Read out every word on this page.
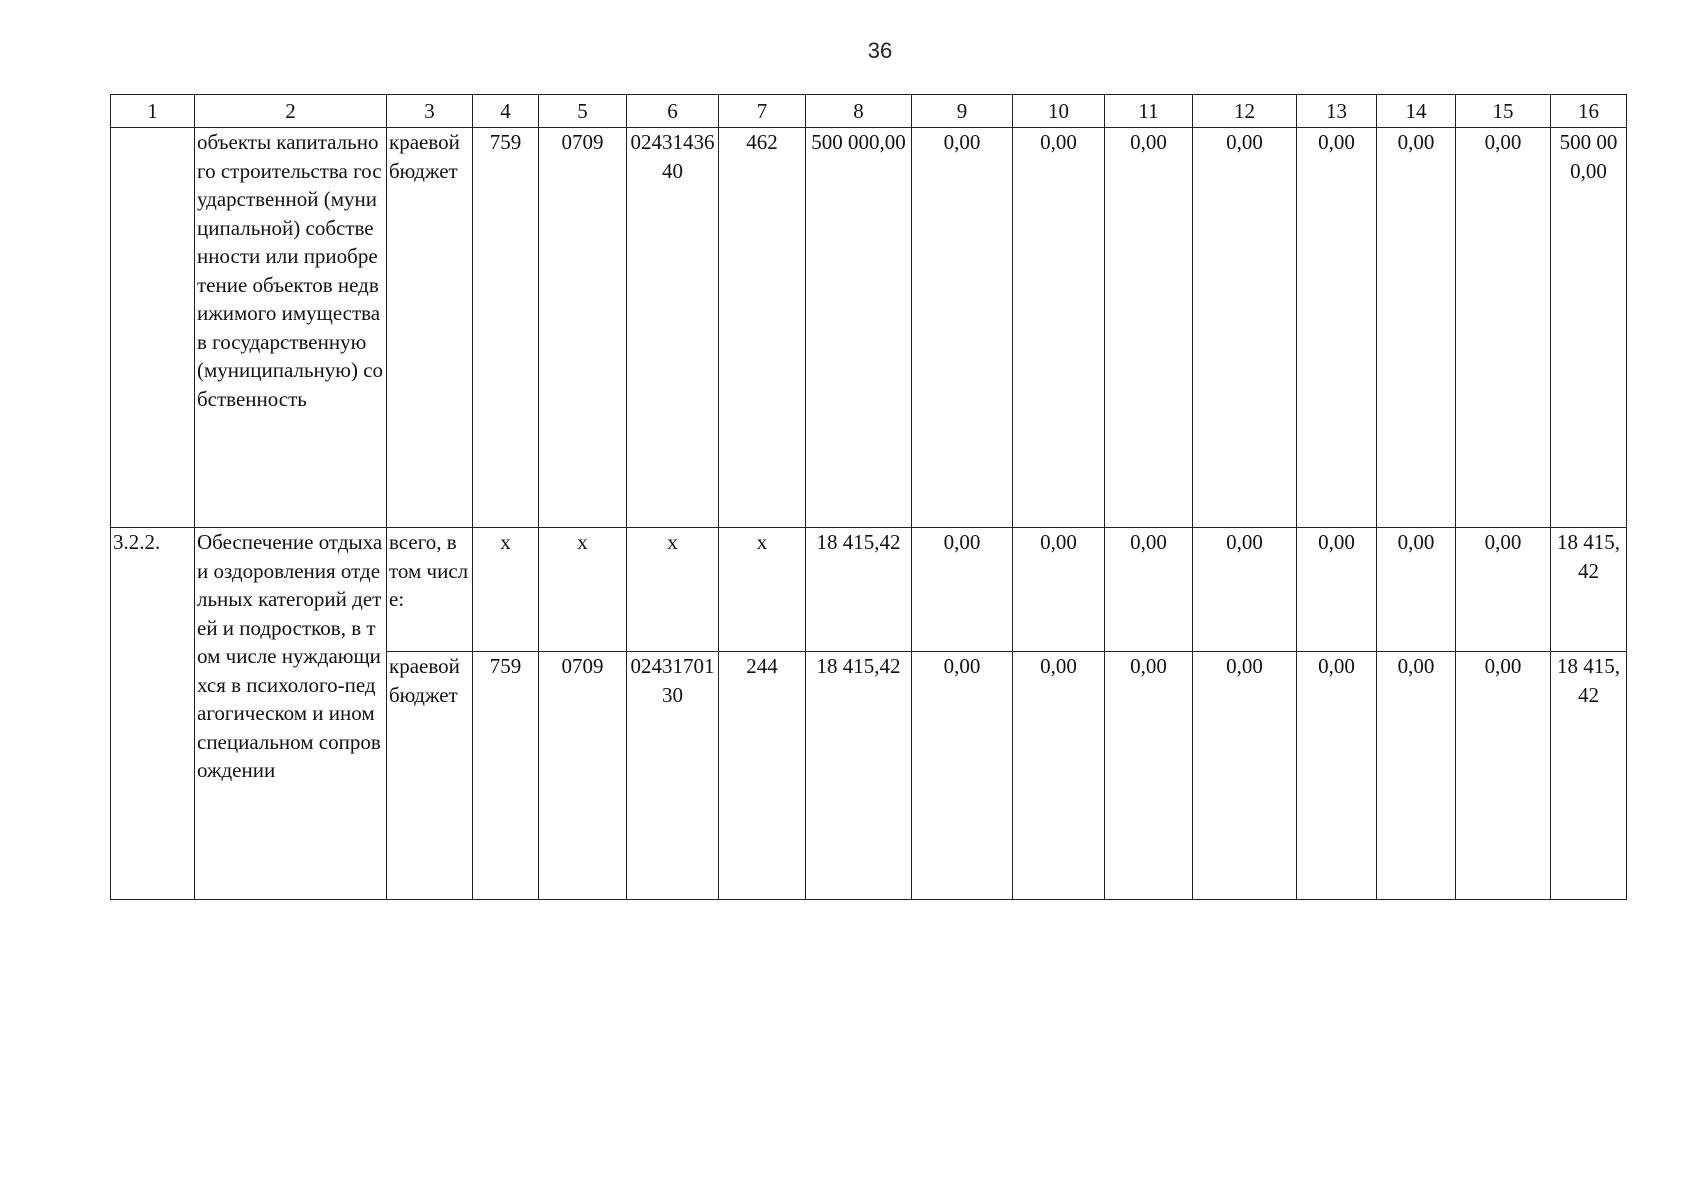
36
1	2	3	4	5	6	7	8	9	10	11	12	13	14	15	16
	объекты капитального строительства государственной (муниципальной) собственности или приобретение объектов недвижимого имущества в государственную (муниципальную) собственность	краевой бюджет	759	0709	0243143640	462	500 000,00	0,00	0,00	0,00	0,00	0,00	0,00	0,00	500 000,00
3.2.2.	Обеспечение отдыха и оздоровления отдельных категорий детей и подростков, в том числе нуждающихся в психолого-педагогическом и ином специальном сопровождении	всего, в том числе:	х	х	х	х	18 415,42	0,00	0,00	0,00	0,00	0,00	0,00	0,00	18 415,42
		краевой бюджет	759	0709	0243170130	244	18 415,42	0,00	0,00	0,00	0,00	0,00	0,00	0,00	18 415,42
